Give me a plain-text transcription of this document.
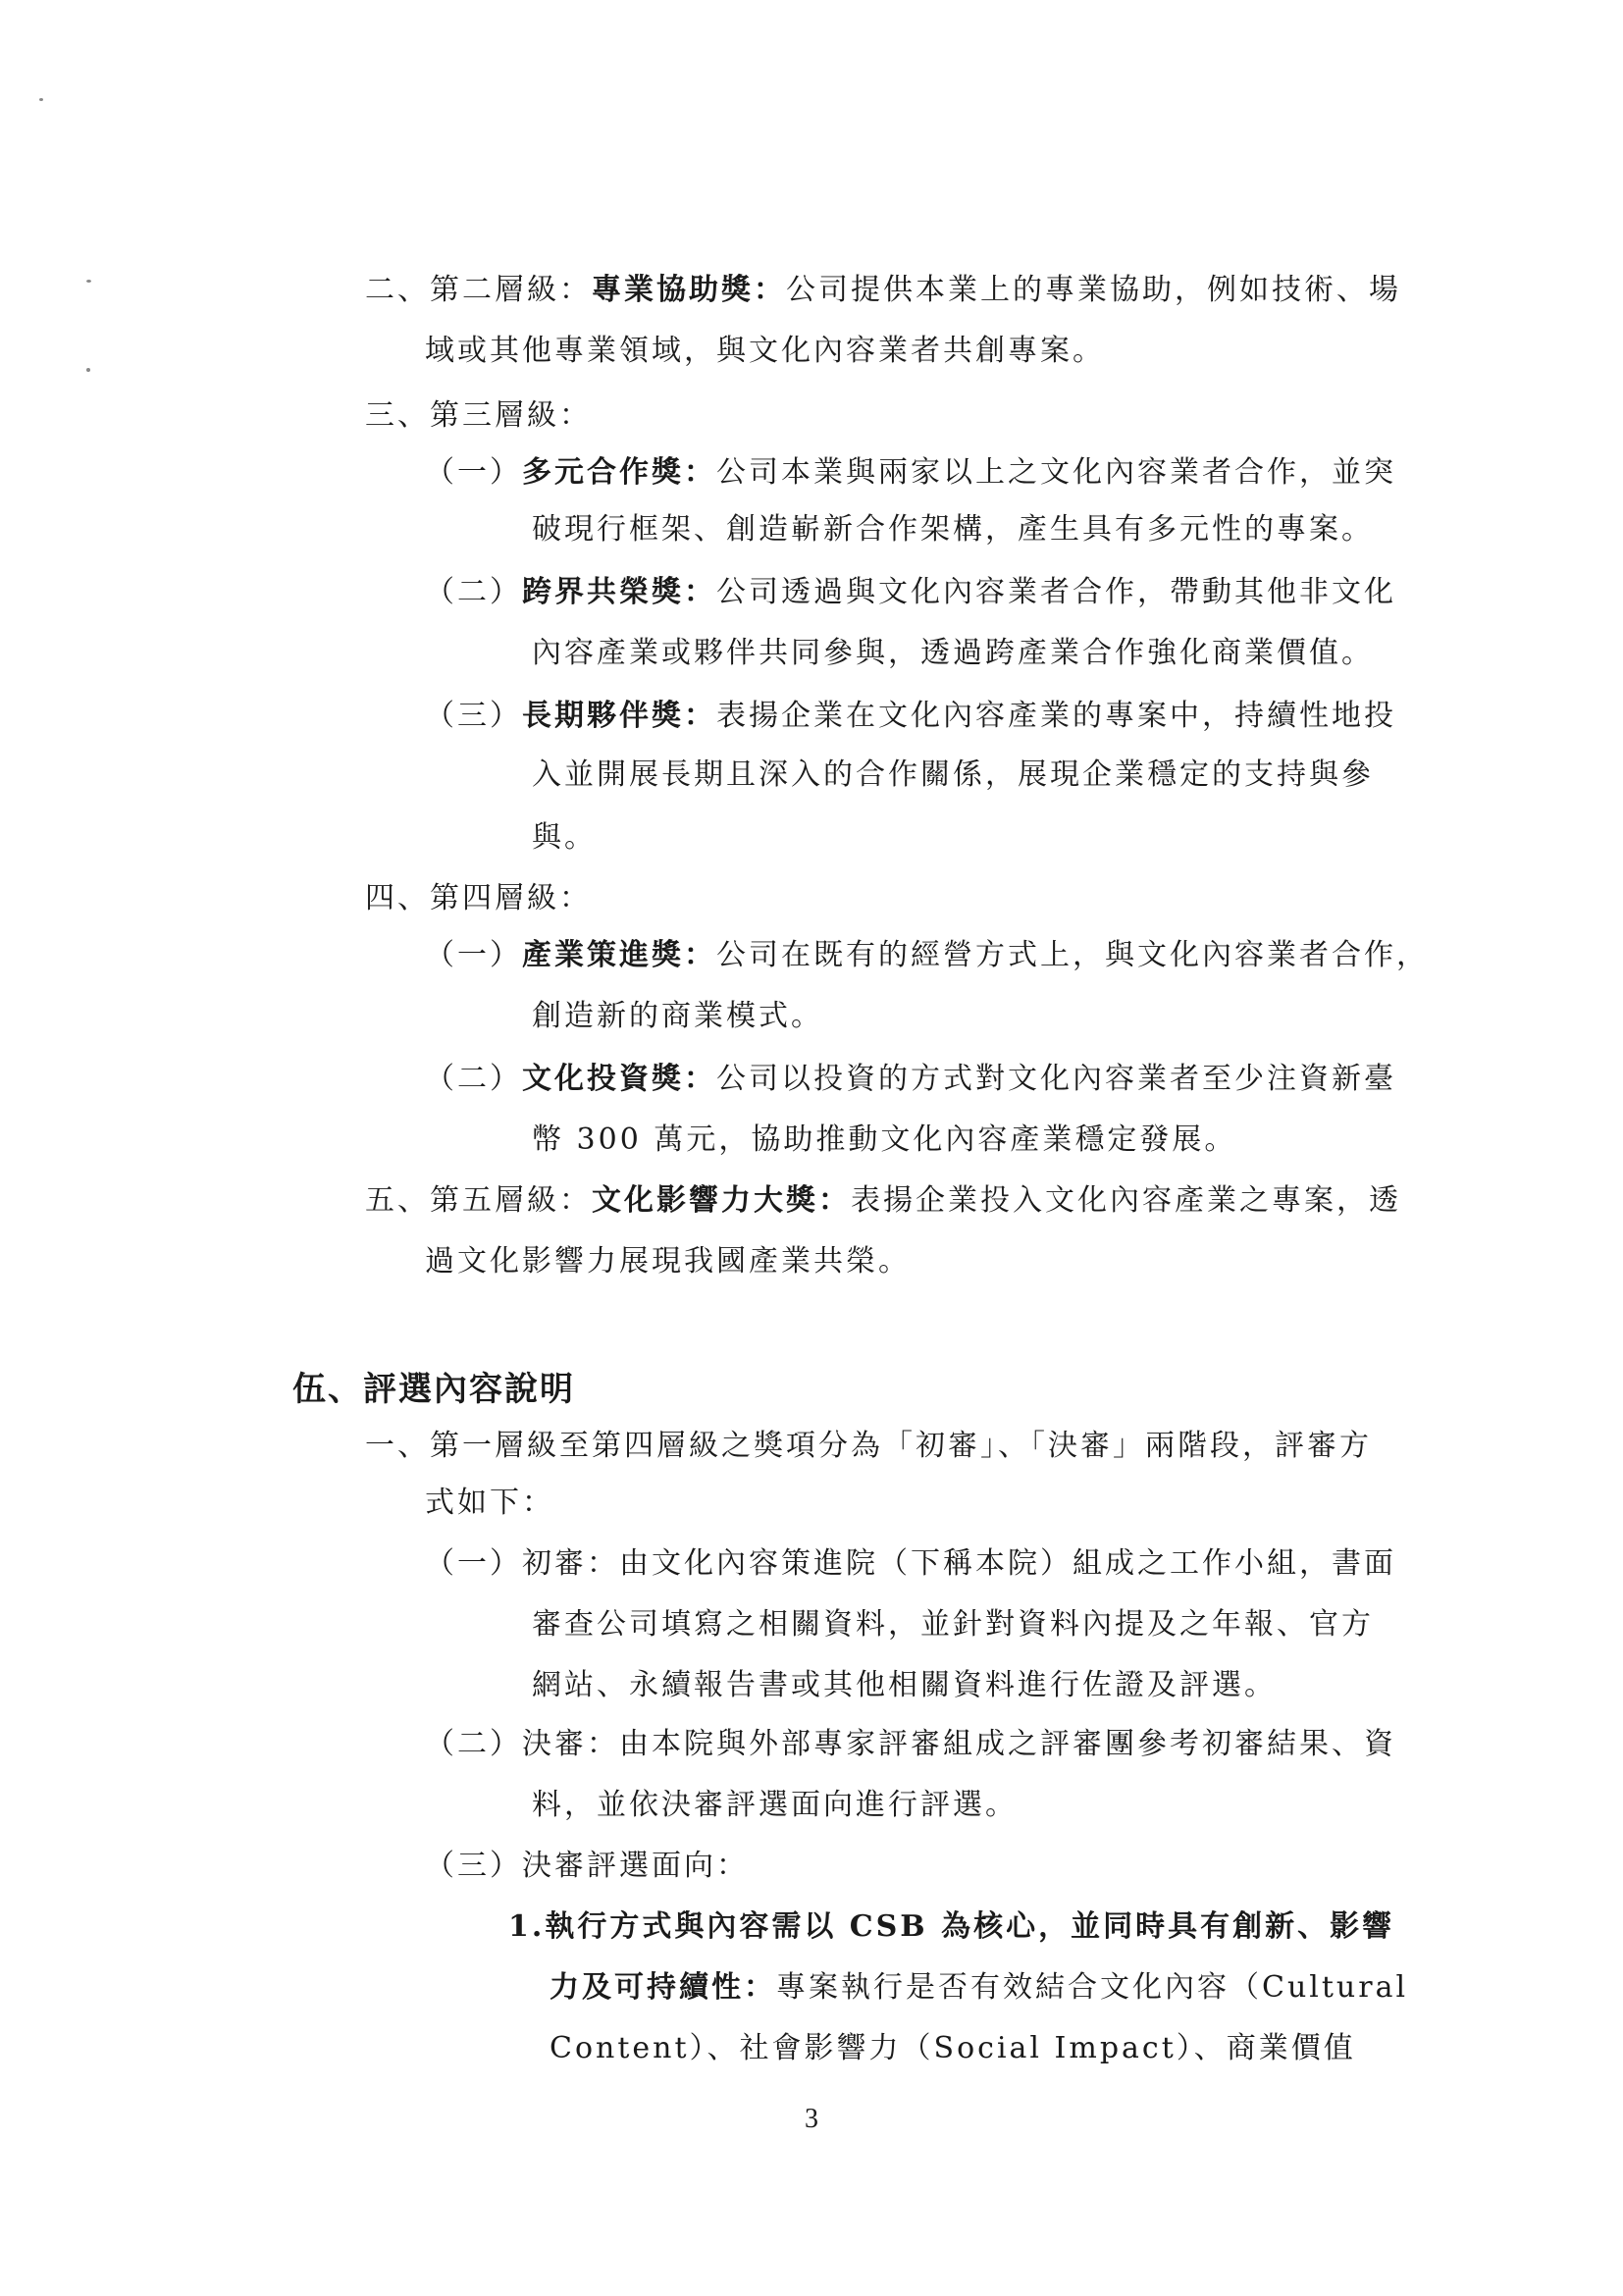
二、第二層級：專業協助獎：公司提供本業上的專業協助，例如技術、場
域或其他專業領域，與文化內容業者共創專案。
三、第三層級：
（一）多元合作獎：公司本業與兩家以上之文化內容業者合作，並突
破現行框架、創造嶄新合作架構，產生具有多元性的專案。
（二）跨界共榮獎：公司透過與文化內容業者合作，帶動其他非文化
內容產業或夥伴共同參與，透過跨產業合作強化商業價值。
（三）長期夥伴獎：表揚企業在文化內容產業的專案中，持續性地投
入並開展長期且深入的合作關係，展現企業穩定的支持與參
與。
四、第四層級：
（一）產業策進獎：公司在既有的經營方式上，與文化內容業者合作，
創造新的商業模式。
（二）文化投資獎：公司以投資的方式對文化內容業者至少注資新臺
幣 300 萬元，協助推動文化內容產業穩定發展。
五、第五層級：文化影響力大獎：表揚企業投入文化內容產業之專案，透
過文化影響力展現我國產業共榮。
伍、評選內容說明
一、第一層級至第四層級之獎項分為「初審」、「決審」兩階段，評審方
式如下：
（一）初審：由文化內容策進院（下稱本院）組成之工作小組，書面
審查公司填寫之相關資料，並針對資料內提及之年報、官方
網站、永續報告書或其他相關資料進行佐證及評選。
（二）決審：由本院與外部專家評審組成之評審團參考初審結果、資
料，並依決審評選面向進行評選。
（三）決審評選面向：
1.執行方式與內容需以 CSB 為核心，並同時具有創新、影響
力及可持續性：專案執行是否有效結合文化內容（Cultural
Content）、社會影響力（Social Impact）、商業價值
3
